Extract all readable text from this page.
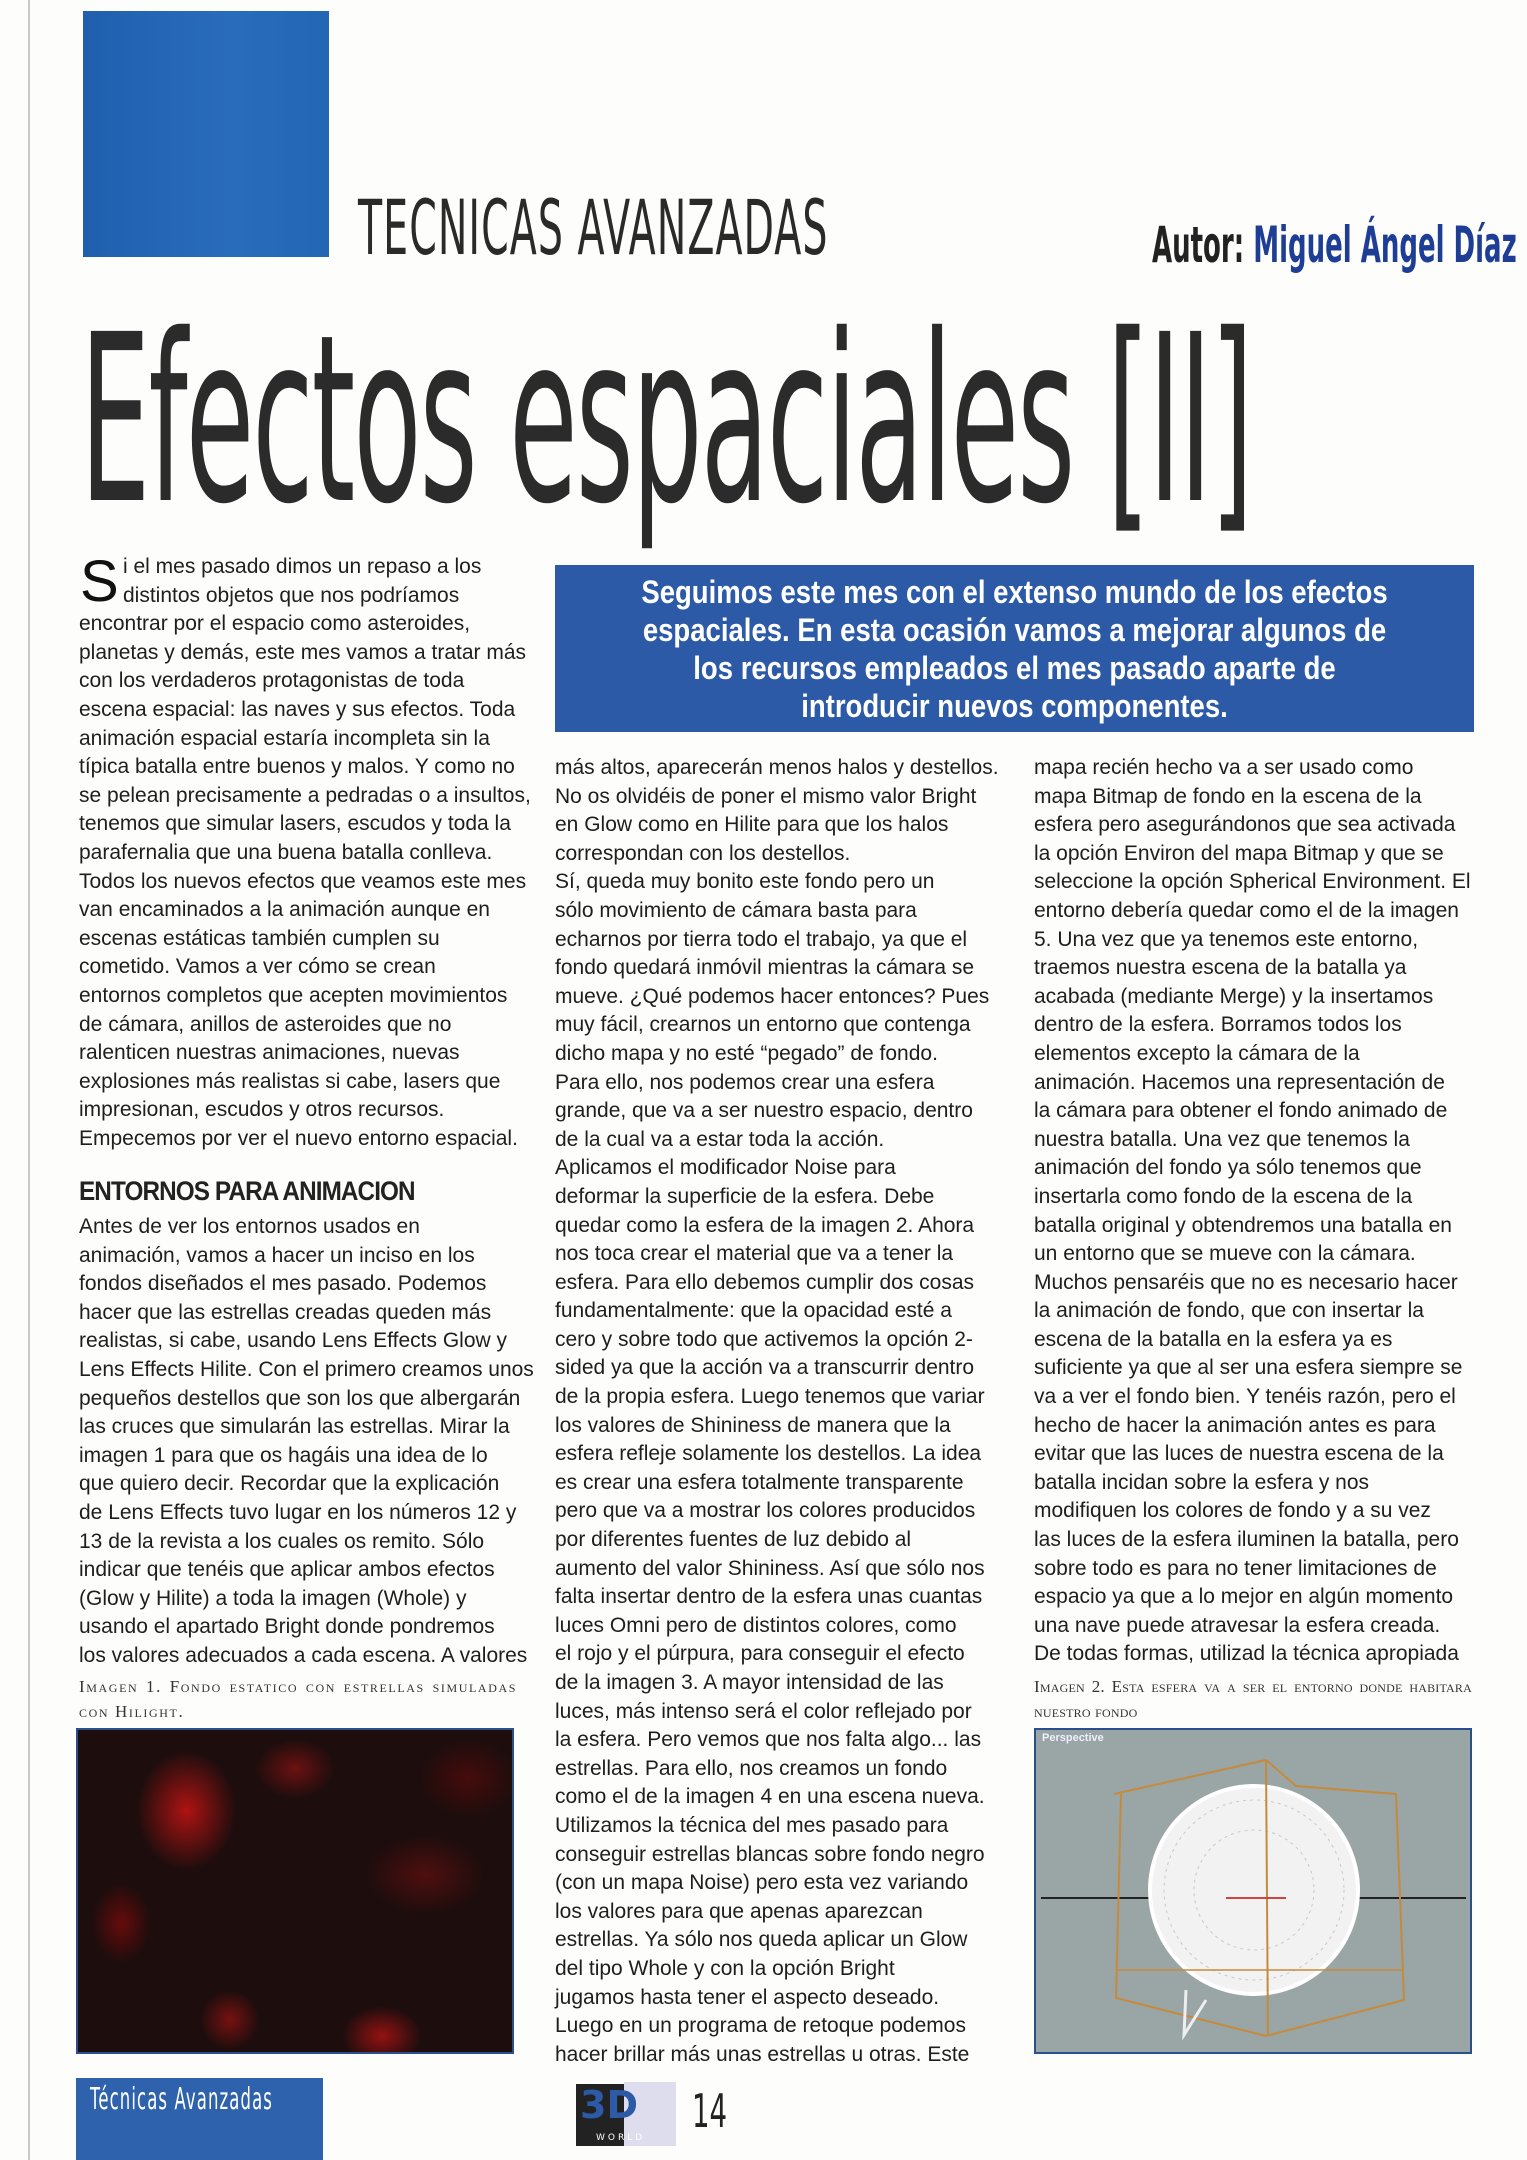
TECNICAS AVANZADAS	Autor: Miguel Ángel Díaz
Efectos espaciales [II]
S i el mes pasado dimos un repaso a los
distintos objetos que nos podríamos
encontrar por el espacio como asteroides,
planetas y demás, este mes vamos a tratar más
con los verdaderos protagonistas de toda
escena espacial: las naves y sus efectos. Toda
animación espacial estaría incompleta sin la
típica batalla entre buenos y malos. Y como no
se pelean precisamente a pedradas o a insultos,
tenemos que simular lasers, escudos y toda la
parafernalia que una buena batalla conlleva.
Todos los nuevos efectos que veamos este mes
van encaminados a la animación aunque en
escenas estáticas también cumplen su
cometido. Vamos a ver cómo se crean
entornos completos que acepten movimientos
de cámara, anillos de asteroides que no
ralenticen nuestras animaciones, nuevas
explosiones más realistas si cabe, lasers que
impresionan, escudos y otros recursos.
Empecemos por ver el nuevo entorno espacial.
ENTORNOS PARA ANIMACION
Antes de ver los entornos usados en
animación, vamos a hacer un inciso en los
fondos diseñados el mes pasado. Podemos
hacer que las estrellas creadas queden más
realistas, si cabe, usando Lens Effects Glow y
Lens Effects Hilite. Con el primero creamos unos
pequeños destellos que son los que albergarán
las cruces que simularán las estrellas. Mirar la
imagen 1 para que os hagáis una idea de lo
que quiero decir. Recordar que la explicación
de Lens Effects tuvo lugar en los números 12 y
13 de la revista a los cuales os remito. Sólo
indicar que tenéis que aplicar ambos efectos
(Glow y Hilite) a toda la imagen (Whole) y
usando el apartado Bright donde pondremos
los valores adecuados a cada escena. A valores
Imagen 1. Fondo estatico con estrellas simuladas con Hilight.
Seguimos este mes con el extenso mundo de los efectos
espaciales. En esta ocasión vamos a mejorar algunos de
los recursos empleados el mes pasado aparte de
introducir nuevos componentes.
más altos, aparecerán menos halos y destellos.
No os olvidéis de poner el mismo valor Bright
en Glow como en Hilite para que los halos
correspondan con los destellos.
Sí, queda muy bonito este fondo pero un
sólo movimiento de cámara basta para
echarnos por tierra todo el trabajo, ya que el
fondo quedará inmóvil mientras la cámara se
mueve. ¿Qué podemos hacer entonces? Pues
muy fácil, crearnos un entorno que contenga
dicho mapa y no esté “pegado” de fondo.
Para ello, nos podemos crear una esfera
grande, que va a ser nuestro espacio, dentro
de la cual va a estar toda la acción.
Aplicamos el modificador Noise para
deformar la superficie de la esfera. Debe
quedar como la esfera de la imagen 2. Ahora
nos toca crear el material que va a tener la
esfera. Para ello debemos cumplir dos cosas
fundamentalmente: que la opacidad esté a
cero y sobre todo que activemos la opción 2-
sided ya que la acción va a transcurrir dentro
de la propia esfera. Luego tenemos que variar
los valores de Shininess de manera que la
esfera refleje solamente los destellos. La idea
es crear una esfera totalmente transparente
pero que va a mostrar los colores producidos
por diferentes fuentes de luz debido al
aumento del valor Shininess. Así que sólo nos
falta insertar dentro de la esfera unas cuantas
luces Omni pero de distintos colores, como
el rojo y el púrpura, para conseguir el efecto
de la imagen 3. A mayor intensidad de las
luces, más intenso será el color reflejado por
la esfera. Pero vemos que nos falta algo... las
estrellas. Para ello, nos creamos un fondo
como el de la imagen 4 en una escena nueva.
Utilizamos la técnica del mes pasado para
conseguir estrellas blancas sobre fondo negro
(con un mapa Noise) pero esta vez variando
los valores para que apenas aparezcan
estrellas. Ya sólo nos queda aplicar un Glow
del tipo Whole y con la opción Bright
jugamos hasta tener el aspecto deseado.
Luego en un programa de retoque podemos
hacer brillar más unas estrellas u otras. Este
mapa recién hecho va a ser usado como
mapa Bitmap de fondo en la escena de la
esfera pero asegurándonos que sea activada
la opción Environ del mapa Bitmap y que se
seleccione la opción Spherical Environment. El
entorno debería quedar como el de la imagen
5. Una vez que ya tenemos este entorno,
traemos nuestra escena de la batalla ya
acabada (mediante Merge) y la insertamos
dentro de la esfera. Borramos todos los
elementos excepto la cámara de la
animación. Hacemos una representación de
la cámara para obtener el fondo animado de
nuestra batalla. Una vez que tenemos la
animación del fondo ya sólo tenemos que
insertarla como fondo de la escena de la
batalla original y obtendremos una batalla en
un entorno que se mueve con la cámara.
Muchos pensaréis que no es necesario hacer
la animación de fondo, que con insertar la
escena de la batalla en la esfera ya es
suficiente ya que al ser una esfera siempre se
va a ver el fondo bien. Y tenéis razón, pero el
hecho de hacer la animación antes es para
evitar que las luces de nuestra escena de la
batalla incidan sobre la esfera y nos
modifiquen los colores de fondo y a su vez
las luces de la esfera iluminen la batalla, pero
sobre todo es para no tener limitaciones de
espacio ya que a lo mejor en algún momento
una nave puede atravesar la esfera creada.
De todas formas, utilizad la técnica apropiada
Imagen 2. Esta esfera va a ser el entorno donde habitara nuestro fondo
Perspective
Técnicas Avanzadas	3D
WORLD 14
